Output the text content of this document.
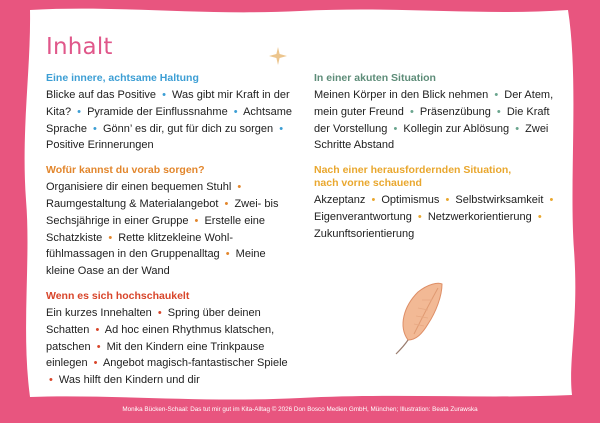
Inhalt
Eine innere, achtsame Haltung
Blicke auf das Positive • Was gibt mir Kraft in der Kita? • Pyramide der Einflussnahme • Achtsame Sprache • Gönn’ es dir, gut für dich zu sorgen • Positive Erinnerungen
Wofür kannst du vorab sorgen?
Organisiere dir einen bequemen Stuhl • Raumgestaltung & Materialangebot • Zwei- bis Sechsjährige in einer Gruppe • Erstelle eine Schatzkiste • Rette klitzekleine Wohlfühlmassagen in den Gruppenalltag • Meine kleine Oase an der Wand
Wenn es sich hochschaukelt
Ein kurzes Innehalten • Spring über deinen Schatten • Ad hoc einen Rhythmus klatschen, patschen • Mit den Kindern eine Trinkpause einlegen • Angebot magisch-fantastischer Spiele • Was hilft den Kindern und dir
In einer akuten Situation
Meinen Körper in den Blick nehmen • Der Atem, mein guter Freund • Präsenzübung • Die Kraft der Vorstellung • Kollegin zur Ablösung • Zwei Schritte Abstand
Nach einer herausfordernden Situation, nach vorne schauend
Akzeptanz • Optimismus • Selbstwirksamkeit • Eigenverantwortung • Netzwerkorientierung • Zukunftsorientierung
Monika Bücken-Schaal: Das tut mir gut im Kita-Alltag © 2026 Don Bosco Medien GmbH, München; Illustration: Beata Zurawska
